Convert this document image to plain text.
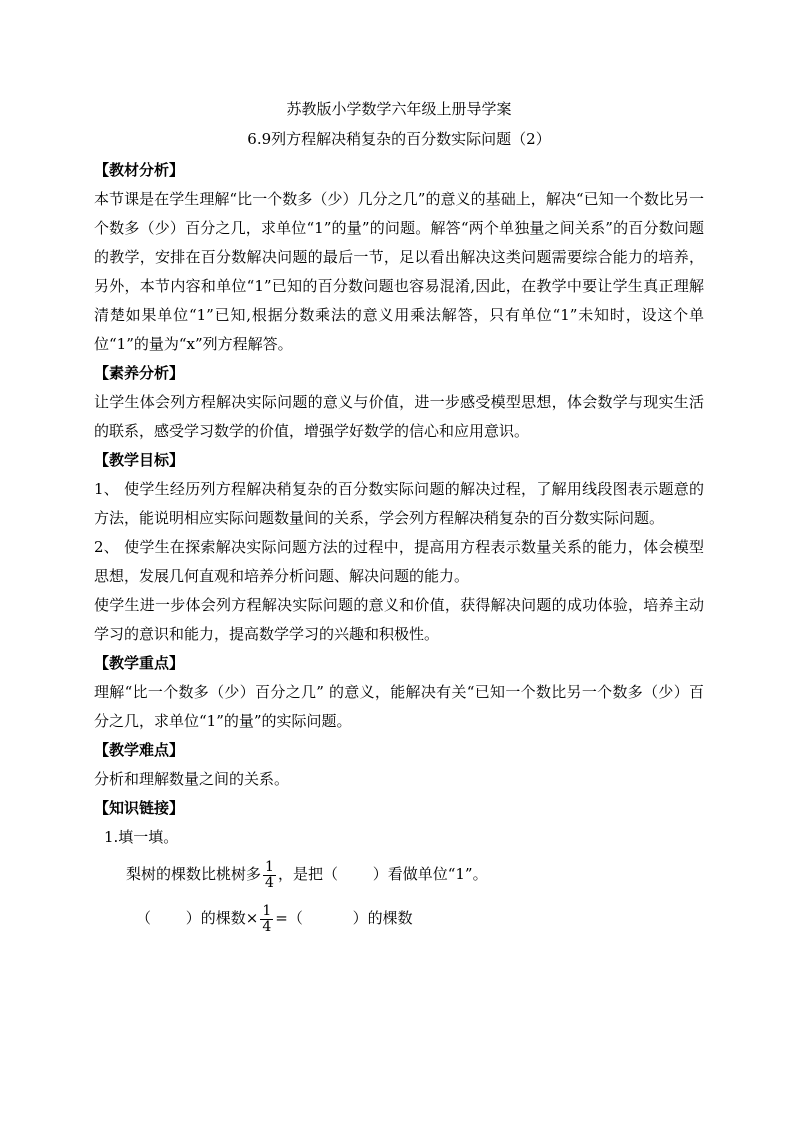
苏教版小学数学六年级上册导学案
6.9列方程解决稍复杂的百分数实际问题（2）
【教材分析】

本节课是在学生理解“比一个数多（少）几分之几”的意义的基础上，解决“已知一个数比另一个数多（少）百分之几，求单位“1”的量”的问题。解答“两个单独量之间关系”的百分数问题的教学，安排在百分数解决问题的最后一节，足以看出解决这类问题需要综合能力的培养，另外，本节内容和单位“1”已知的百分数问题也容易混淆,因此，在教学中要让学生真正理解清楚如果单位“1”已知,根据分数乘法的意义用乘法解答，只有单位“1”未知时，设这个单位“1”的量为“x”列方程解答。

【素养分析】

让学生体会列方程解决实际问题的意义与价值，进一步感受模型思想，体会数学与现实生活的联系，感受学习数学的价值，增强学好数学的信心和应用意识。

【教学目标】

1、 使学生经历列方程解决稍复杂的百分数实际问题的解决过程，了解用线段图表示题意的方法，能说明相应实际问题数量间的关系，学会列方程解决稍复杂的百分数实际问题。

2、 使学生在探索解决实际问题方法的过程中，提高用方程表示数量关系的能力，体会模型思想，发展几何直观和培养分析问题、解决问题的能力。

使学生进一步体会列方程解决实际问题的意义和价值，获得解决问题的成功体验，培养主动学习的意识和能力，提高数学学习的兴趣和积极性。

【教学重点】

理解“比一个数多（少）百分之几” 的意义，能解决有关“已知一个数比另一个数多（少）百分之几，求单位“1”的量”的实际问题。

【教学难点】

分析和理解数量之间的关系。

【知识链接】

1.填一填。

梨树的棵数比桃树多 $\frac{1}{4}$ ，是把（　　 ）看做单位“1”。
（　　 ）的棵数× $\frac{1}{4}$ =（　　　 ）的棵数
